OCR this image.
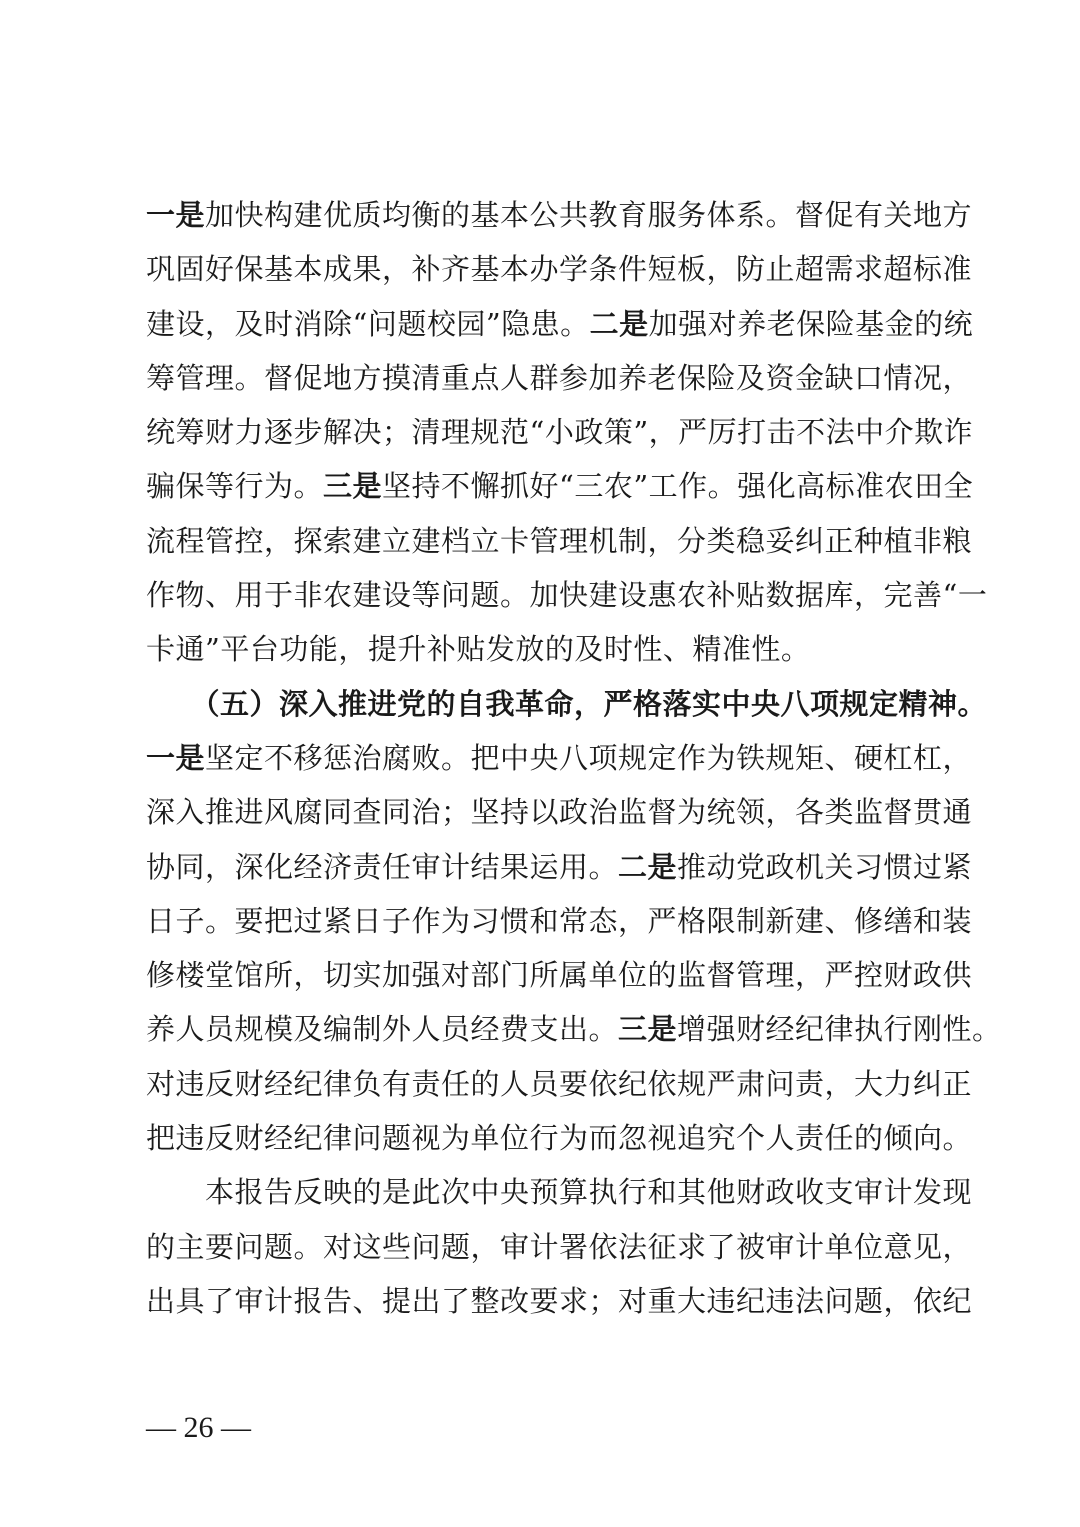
一是加快构建优质均衡的基本公共教育服务体系。督促有关地方
巩固好保基本成果，补齐基本办学条件短板，防止超需求超标准
建设，及时消除“问题校园”隐患。二是加强对养老保险基金的统
筹管理。督促地方摸清重点人群参加养老保险及资金缺口情况，
统筹财力逐步解决；清理规范“小政策”，严厉打击不法中介欺诈
骗保等行为。三是坚持不懈抓好“三农”工作。强化高标准农田全
流程管控，探索建立建档立卡管理机制，分类稳妥纠正种植非粮
作物、用于非农建设等问题。加快建设惠农补贴数据库，完善“一
卡通”平台功能，提升补贴发放的及时性、精准性。
　　（五）深入推进党的自我革命，严格落实中央八项规定精神。
一是坚定不移惩治腐败。把中央八项规定作为铁规矩、硬杠杠，
深入推进风腐同查同治；坚持以政治监督为统领，各类监督贯通
协同，深化经济责任审计结果运用。二是推动党政机关习惯过紧
日子。要把过紧日子作为习惯和常态，严格限制新建、修缮和装
修楼堂馆所，切实加强对部门所属单位的监督管理，严控财政供
养人员规模及编制外人员经费支出。三是增强财经纪律执行刚性。
对违反财经纪律负有责任的人员要依纪依规严肃问责，大力纠正
把违反财经纪律问题视为单位行为而忽视追究个人责任的倾向。
　　本报告反映的是此次中央预算执行和其他财政收支审计发现
的主要问题。对这些问题，审计署依法征求了被审计单位意见，
出具了审计报告、提出了整改要求；对重大违纪违法问题，依纪
— 26 —
